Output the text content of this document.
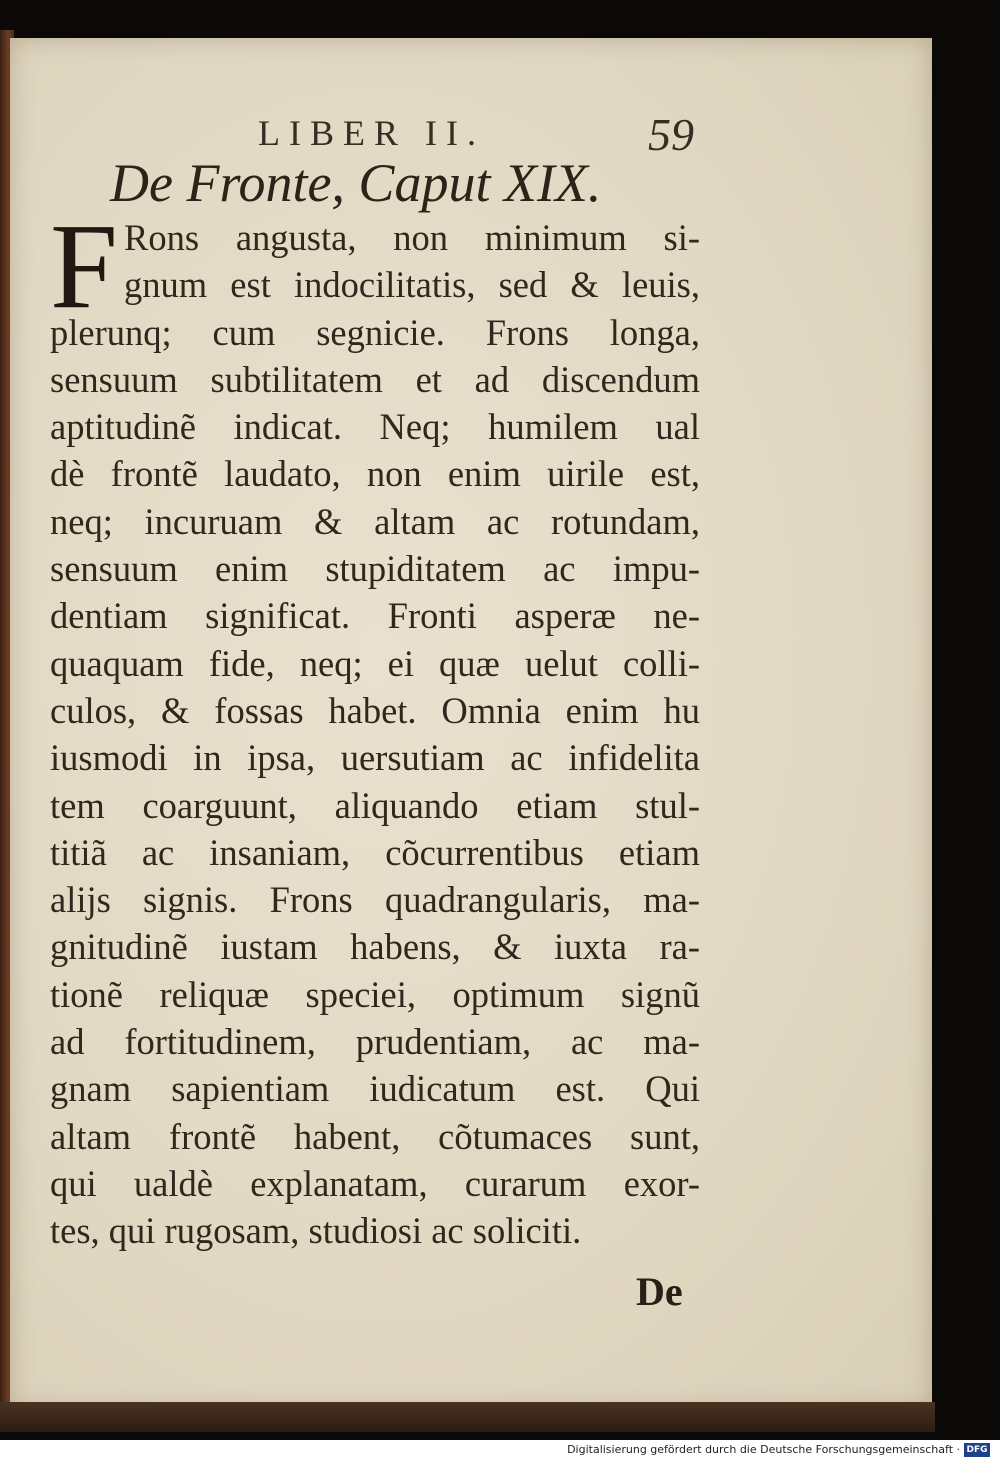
LIBER II.	59
De Fronte, Caput XIX.
F Rons angusta, non minimum si-
gnum est indocilitatis, sed & leuis,
plerunq; cum segnicie. Frons longa,
sensuum subtilitatem et ad discendum
aptitudinẽ indicat. Neq; humilem ual
dè frontẽ laudato, non enim uirile est,
neq; incuruam & altam ac rotundam,
sensuum enim stupiditatem ac impu-
dentiam significat. Fronti asperæ ne-
quaquam fide, neq; ei quæ uelut colli-
culos, & fossas habet. Omnia enim hu
iusmodi in ipsa, uersutiam ac infidelita
tem coarguunt, aliquando etiam stul-
titiã ac insaniam, cõcurrentibus etiam
alijs signis. Frons quadrangularis, ma-
gnitudinẽ iustam habens, & iuxta ra-
tionẽ reliquæ speciei, optimum signũ
ad fortitudinem, prudentiam, ac ma-
gnam sapientiam iudicatum est. Qui
altam frontẽ habent, cõtumaces sunt,
qui ualdè explanatam, curarum exor-
tes, qui rugosam, studiosi ac soliciti.
De
Digitalisierung gefördert durch die Deutsche Forschungsgemeinschaft · DFG
